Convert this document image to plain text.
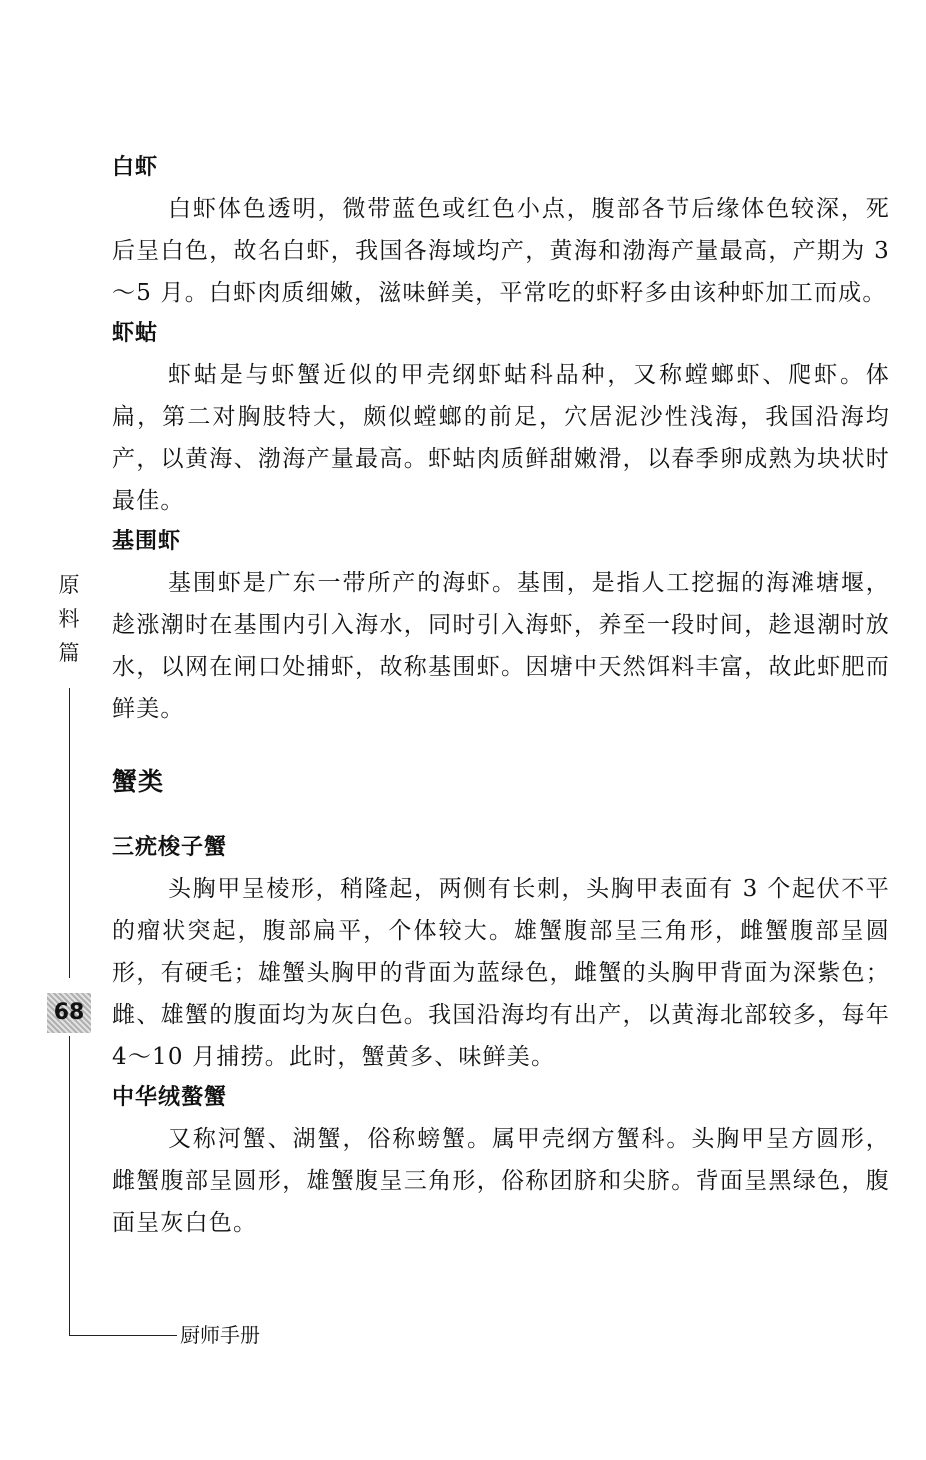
原
料
篇
68
厨师手册
白虾

白虾体色透明，微带蓝色或红色小点，腹部各节后缘体色较深，死后呈白色，故名白虾，我国各海域均产，黄海和渤海产量最高，产期为 3～5 月。白虾肉质细嫩，滋味鲜美，平常吃的虾籽多由该种虾加工而成。

虾蛄

虾蛄是与虾蟹近似的甲壳纲虾蛄科品种，又称螳螂虾、爬虾。体扁，第二对胸肢特大，颇似螳螂的前足，穴居泥沙性浅海，我国沿海均产，以黄海、渤海产量最高。虾蛄肉质鲜甜嫩滑，以春季卵成熟为块状时最佳。

基围虾

基围虾是广东一带所产的海虾。基围，是指人工挖掘的海滩塘堰，趁涨潮时在基围内引入海水，同时引入海虾，养至一段时间，趁退潮时放水，以网在闸口处捕虾，故称基围虾。因塘中天然饵料丰富，故此虾肥而鲜美。

蟹类
三疣梭子蟹

头胸甲呈棱形，稍隆起，两侧有长刺，头胸甲表面有 3 个起伏不平的瘤状突起，腹部扁平，个体较大。雄蟹腹部呈三角形，雌蟹腹部呈圆形，有硬毛；雄蟹头胸甲的背面为蓝绿色，雌蟹的头胸甲背面为深紫色；雌、雄蟹的腹面均为灰白色。我国沿海均有出产，以黄海北部较多，每年 4～10 月捕捞。此时，蟹黄多、味鲜美。

中华绒螯蟹

又称河蟹、湖蟹，俗称螃蟹。属甲壳纲方蟹科。头胸甲呈方圆形，雌蟹腹部呈圆形，雄蟹腹呈三角形，俗称团脐和尖脐。背面呈黑绿色，腹面呈灰白色。
